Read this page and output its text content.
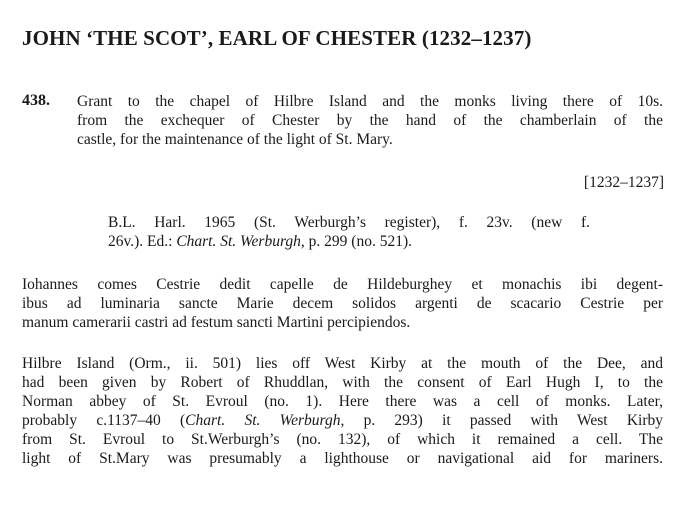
JOHN ‘THE SCOT’, EARL OF CHESTER (1232–1237)
438. Grant to the chapel of Hilbre Island and the monks living there of 10s.
from the exchequer of Chester by the hand of the chamberlain of the
castle, for the maintenance of the light of St. Mary.
[1232–1237]
B.L. Harl. 1965 (St. Werburgh’s register), f. 23v. (new f.
26v.). Ed.: Chart. St. Werburgh, p. 299 (no. 521).
Iohannes comes Cestrie dedit capelle de Hildeburghey et monachis ibi degent-
ibus ad luminaria sancte Marie decem solidos argenti de scacario Cestrie per
manum camerarii castri ad festum sancti Martini percipiendos.
Hilbre Island (Orm., ii. 501) lies off West Kirby at the mouth of the Dee, and
had been given by Robert of Rhuddlan, with the consent of Earl Hugh I, to the
Norman abbey of St. Evroul (no. 1). Here there was a cell of monks. Later,
probably c.1137–40 (Chart. St. Werburgh, p. 293) it passed with West Kirby
from St. Evroul to St.Werburgh’s (no. 132), of which it remained a cell. The
light of St.Mary was presumably a lighthouse or navigational aid for mariners.
